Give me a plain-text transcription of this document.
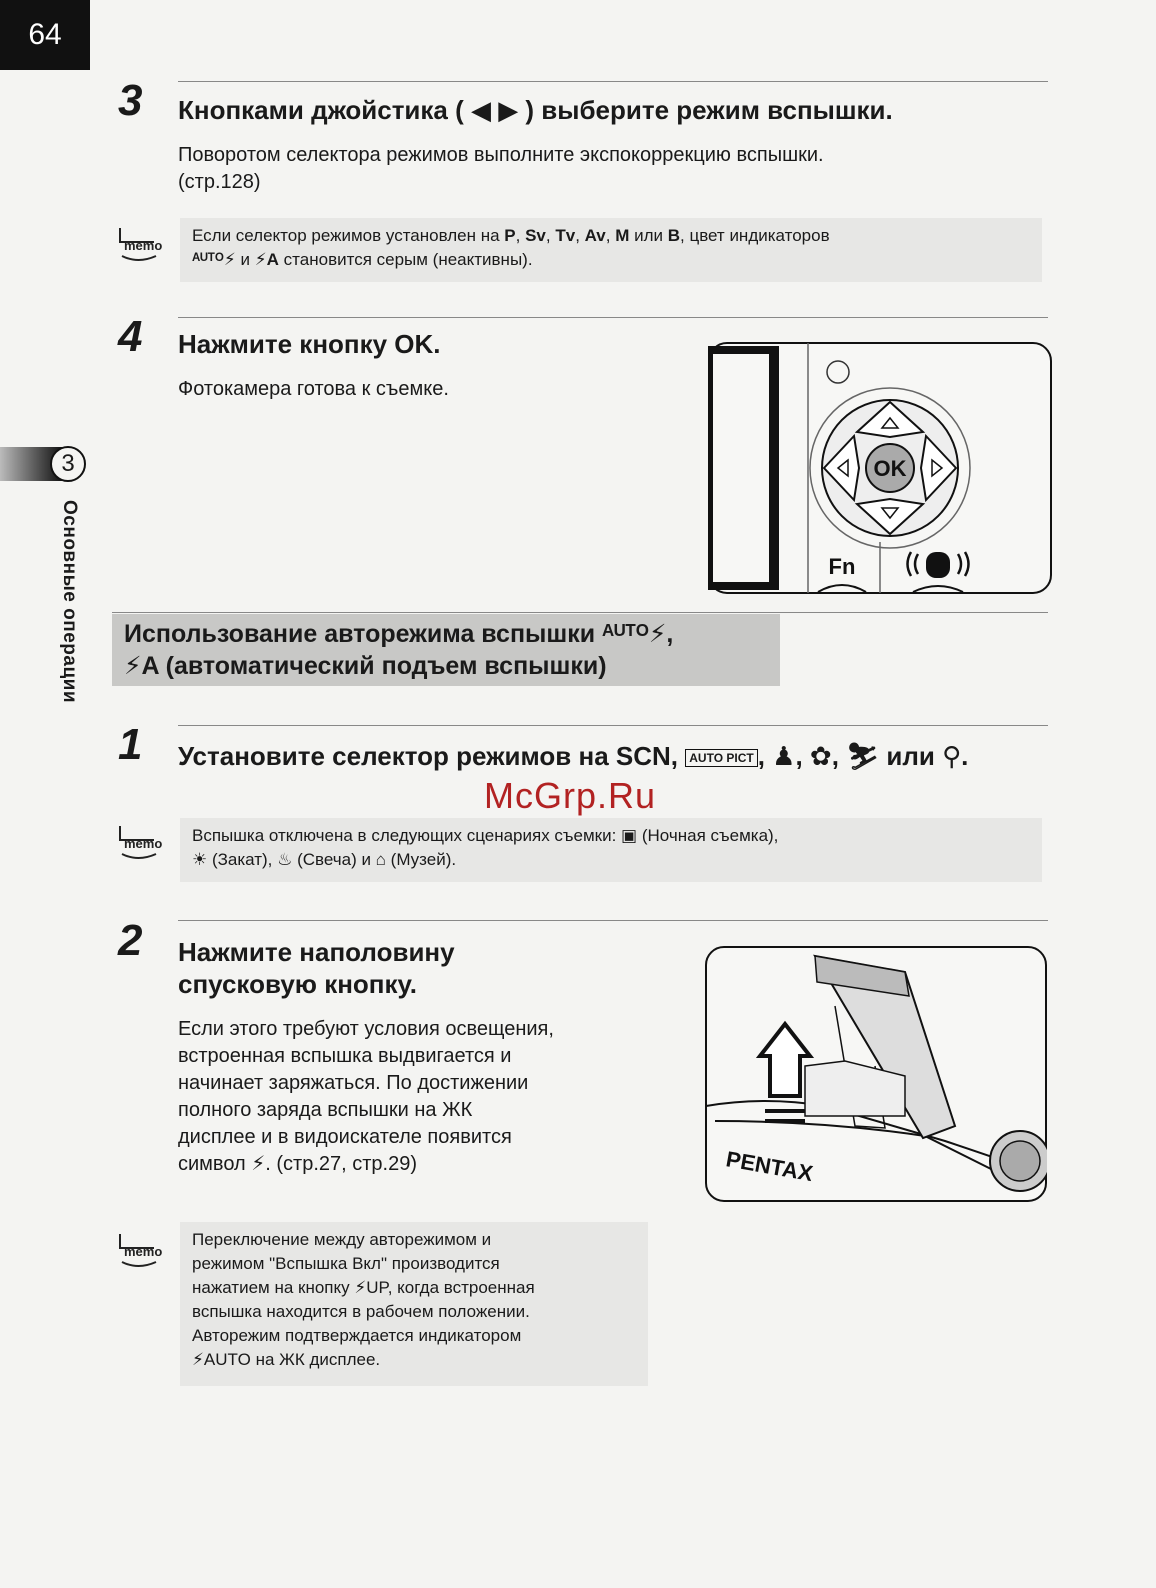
64
3
Основные операции
3 Кнопками джойстика ( ◀ ▶ ) выберите режим вспышки.
Поворотом селектора режимов выполните экспокоррекцию вспышки.
(стр.128)
memo
Если селектор режимов установлен на P, Sv, Tv, Av, M или B, цвет индикаторов
ᴬᵁᵀᴼ⚡ и ⚡A становится серым (неактивны).
4 Нажмите кнопку OK.
Фотокамера готова к съемке.
OK
Fn
Использование авторежима вспышки ᴬᵁᵀᴼ⚡,
⚡A (автоматический подъем вспышки)
1 Установите селектор режимов на SCN, AUTO PICT , ♟, ✿, ⛷ или ⚲.
McGrp.Ru
memo Вспышка отключена в следующих сценариях съемки: ▣ (Ночная съемка),
☀ (Закат), ♨ (Свеча) и ⌂ (Музей).
2 Нажмите наполовину
спусковую кнопку.
Если этого требуют условия освещения,
встроенная вспышка выдвигается и
начинает заряжаться. По достижении
полного заряда вспышки на ЖК
дисплее и в видоискателе появится
символ ⚡. (стр.27, стр.29)	PENTAX
memo
Переключение между авторежимом и
режимом "Вспышка Вкл" производится
нажатием на кнопку ⚡UP, когда встроенная
вспышка находится в рабочем положении.
Авторежим подтверждается индикатором
⚡AUTO на ЖК дисплее.
